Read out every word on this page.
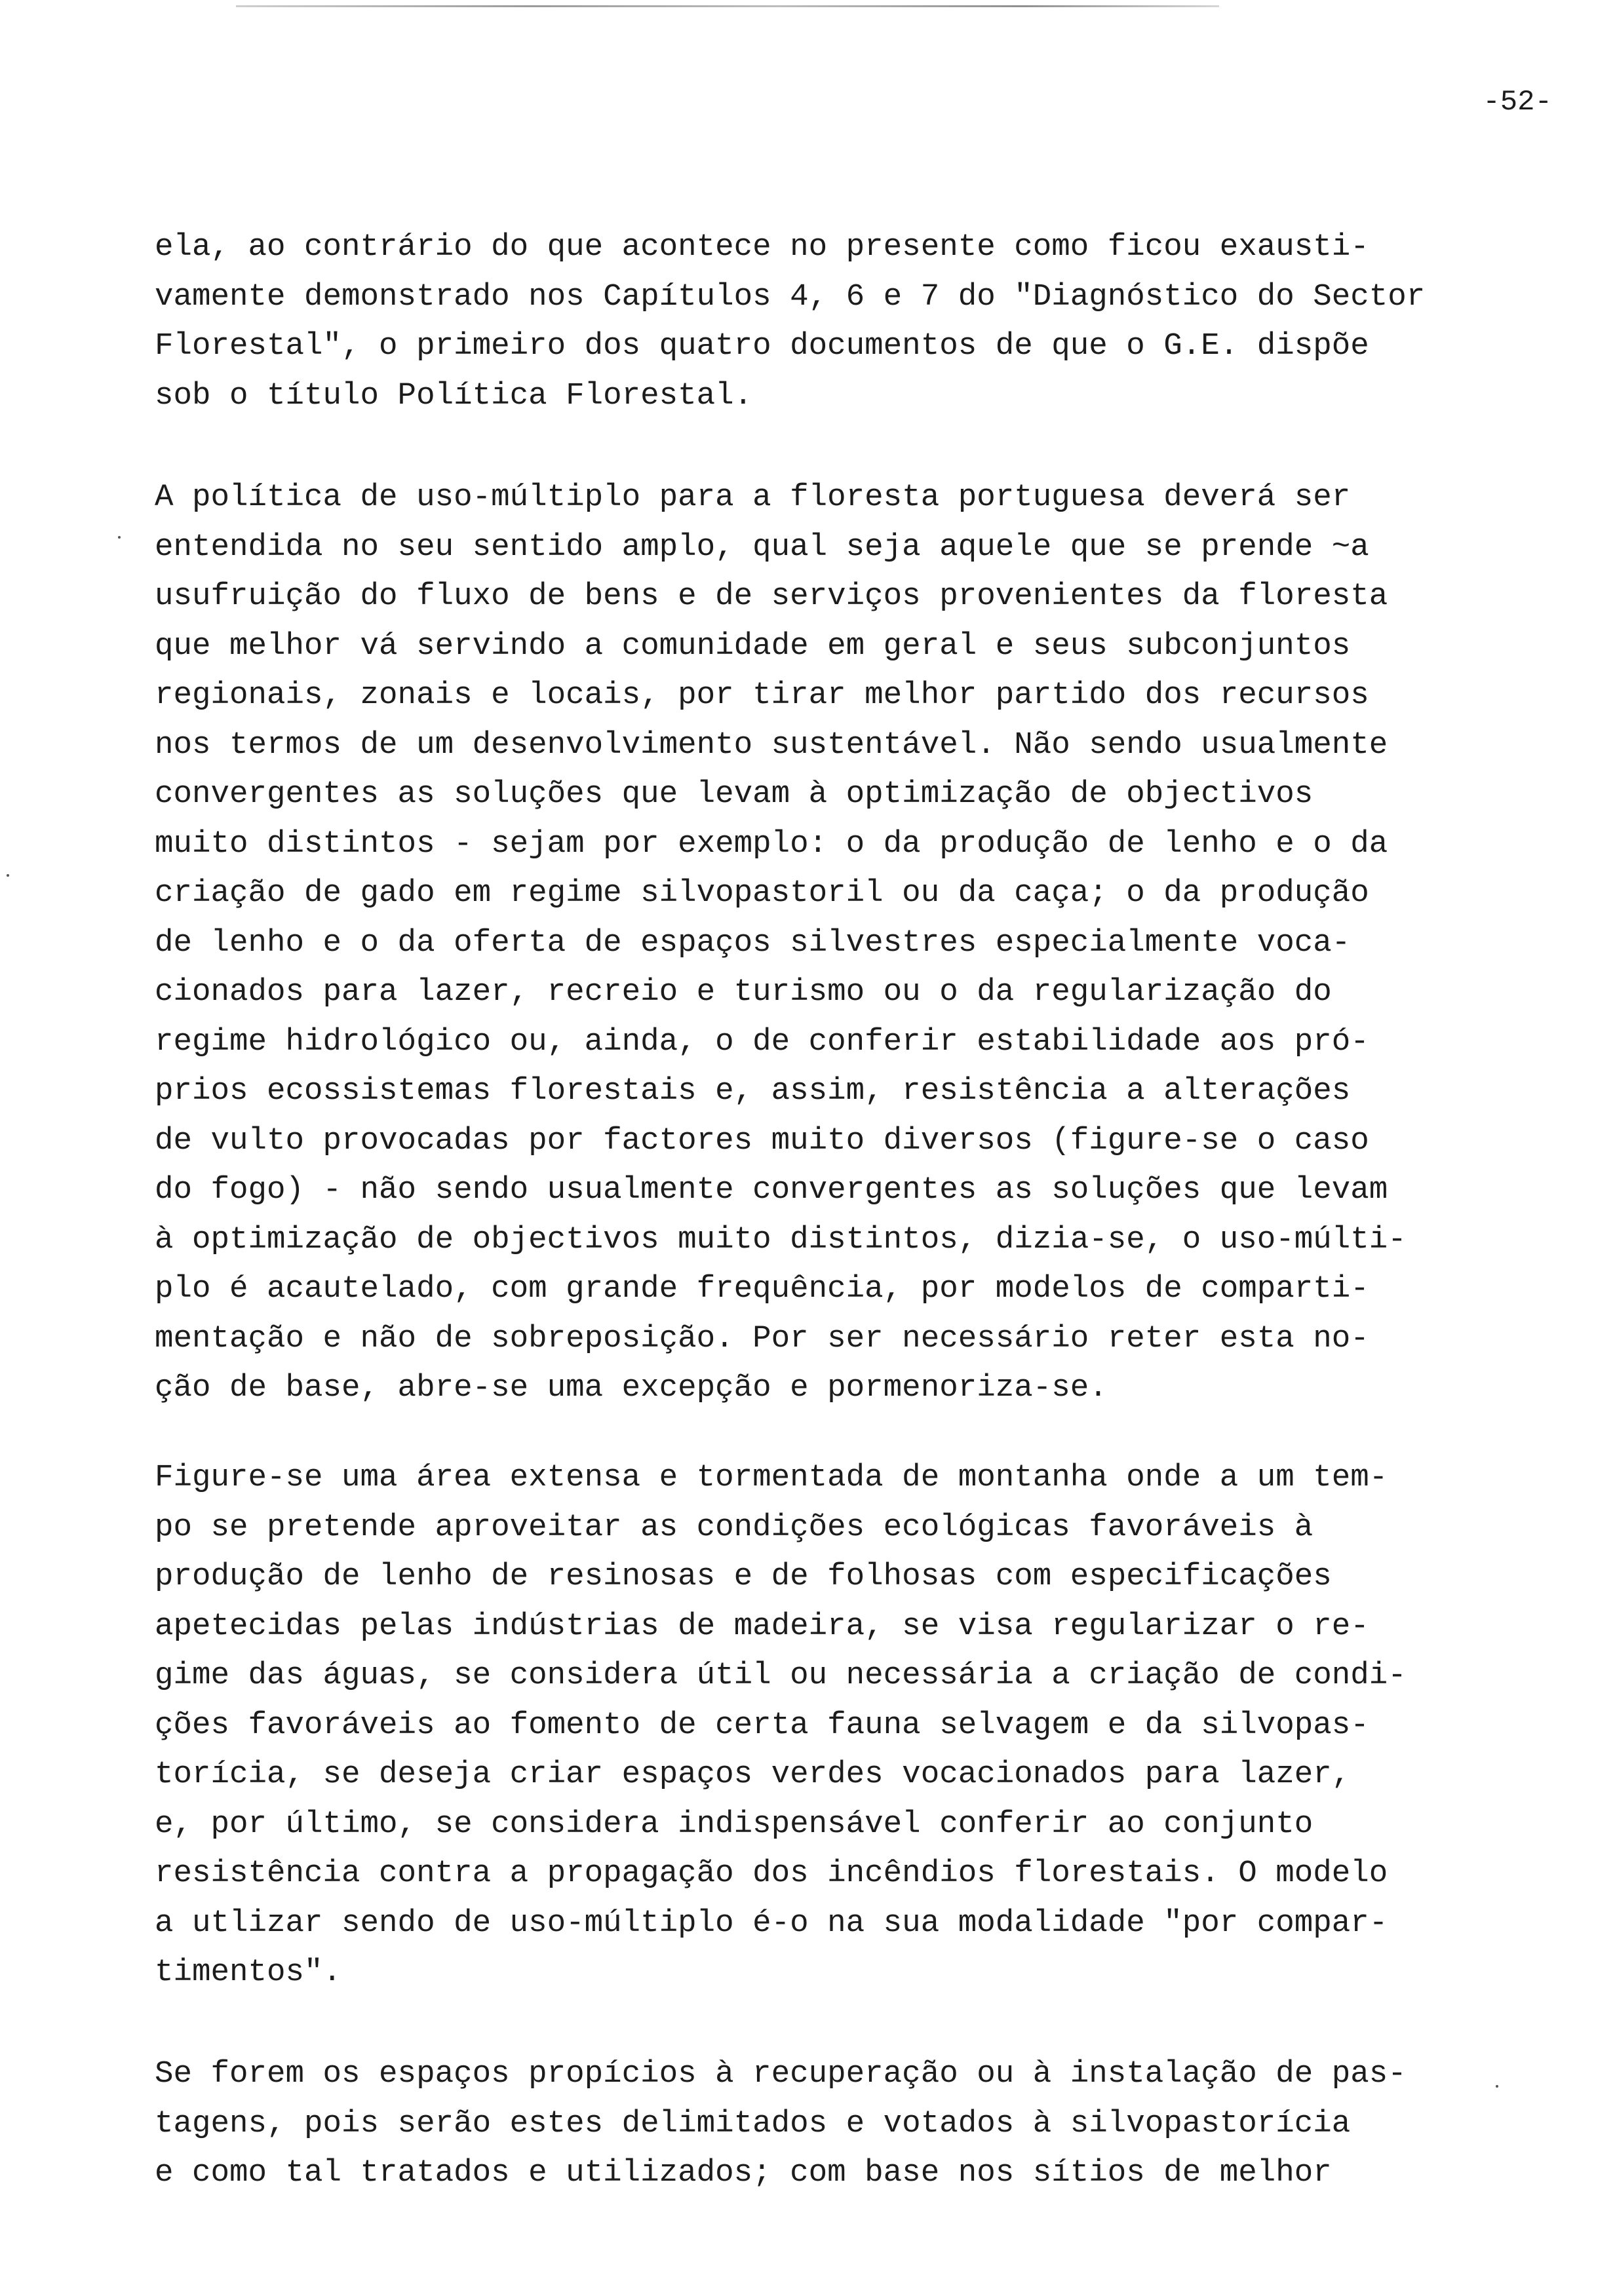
-52-

ela, ao contrário do que acontece no presente como ficou exausti-
vamente demonstrado nos Capítulos 4, 6 e 7 do "Diagnóstico do Sector
Florestal", o primeiro dos quatro documentos de que o G.E. dispõe
sob o título Política Florestal.

A política de uso-múltiplo para a floresta portuguesa deverá ser
entendida no seu sentido amplo, qual seja aquele que se prende ~a
usufruição do fluxo de bens e de serviços provenientes da floresta
que melhor vá servindo a comunidade em geral e seus subconjuntos
regionais, zonais e locais, por tirar melhor partido dos recursos
nos termos de um desenvolvimento sustentável. Não sendo usualmente
convergentes as soluções que levam à optimização de objectivos
muito distintos - sejam por exemplo: o da produção de lenho e o da
criação de gado em regime silvopastoril ou da caça; o da produção
de lenho e o da oferta de espaços silvestres especialmente voca-
cionados para lazer, recreio e turismo ou o da regularização do
regime hidrológico ou, ainda, o de conferir estabilidade aos pró-
prios ecossistemas florestais e, assim, resistência a alterações
de vulto provocadas por factores muito diversos (figure-se o caso
do fogo) - não sendo usualmente convergentes as soluções que levam
à optimização de objectivos muito distintos, dizia-se, o uso-múlti-
plo é acautelado, com grande frequência, por modelos de comparti-
mentação e não de sobreposição. Por ser necessário reter esta no-
ção de base, abre-se uma excepção e pormenoriza-se.

Figure-se uma área extensa e tormentada de montanha onde a um tem-
po se pretende aproveitar as condições ecológicas favoráveis à
produção de lenho de resinosas e de folhosas com especificações
apetecidas pelas indústrias de madeira, se visa regularizar o re-
gime das águas, se considera útil ou necessária a criação de condi-
ções favoráveis ao fomento de certa fauna selvagem e da silvopas-
torícia, se deseja criar espaços verdes vocacionados para lazer,
e, por último, se considera indispensável conferir ao conjunto
resistência contra a propagação dos incêndios florestais. O modelo
a utlizar sendo de uso-múltiplo é-o na sua modalidade "por compar-
timentos".

Se forem os espaços propícios à recuperação ou à instalação de pas-
tagens, pois serão estes delimitados e votados à silvopastorícia
e como tal tratados e utilizados; com base nos sítios de melhor
